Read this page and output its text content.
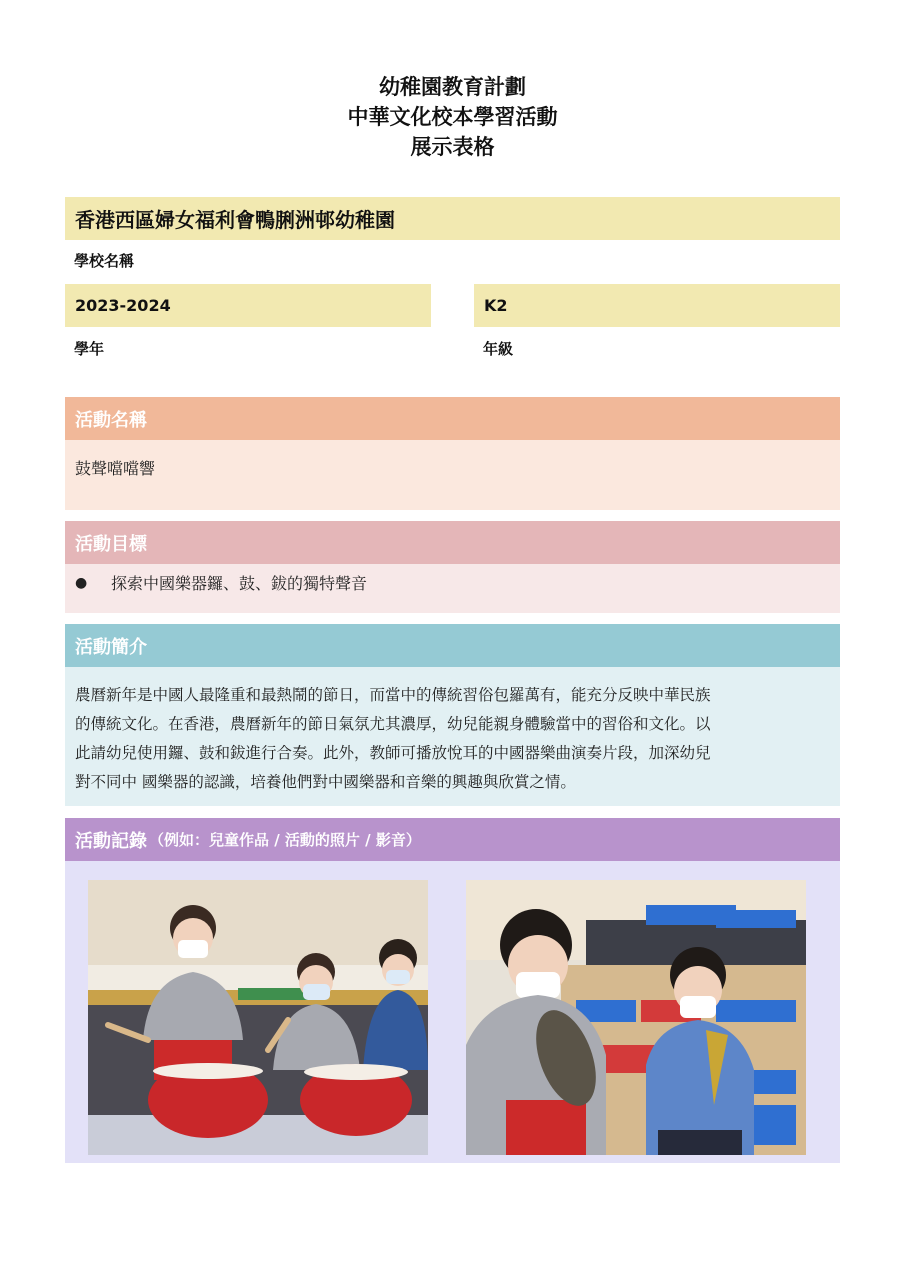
幼稚園教育計劃
中華文化校本學習活動
展示表格
香港西區婦女福利會鴨脷洲邨幼稚園
學校名稱
2023-2024
學年
K2
年級
活動名稱
鼓聲噹噹響
活動目標
●	探索中國樂器鑼、鼓、鈸的獨特聲音
活動簡介
農曆新年是中國人最隆重和最熱鬧的節日，而當中的傳統習俗包羅萬有，能充分反映中華民族
的傳統文化。在香港，農曆新年的節日氣氛尤其濃厚，幼兒能親身體驗當中的習俗和文化。以
此請幼兒使用鑼、鼓和鈸進行合奏。此外，教師可播放悅耳的中國器樂曲演奏片段，加深幼兒
對不同中 國樂器的認識，培養他們對中國樂器和音樂的興趣與欣賞之情。
活動記錄 （例如：兒童作品 / 活動的照片 / 影音）
